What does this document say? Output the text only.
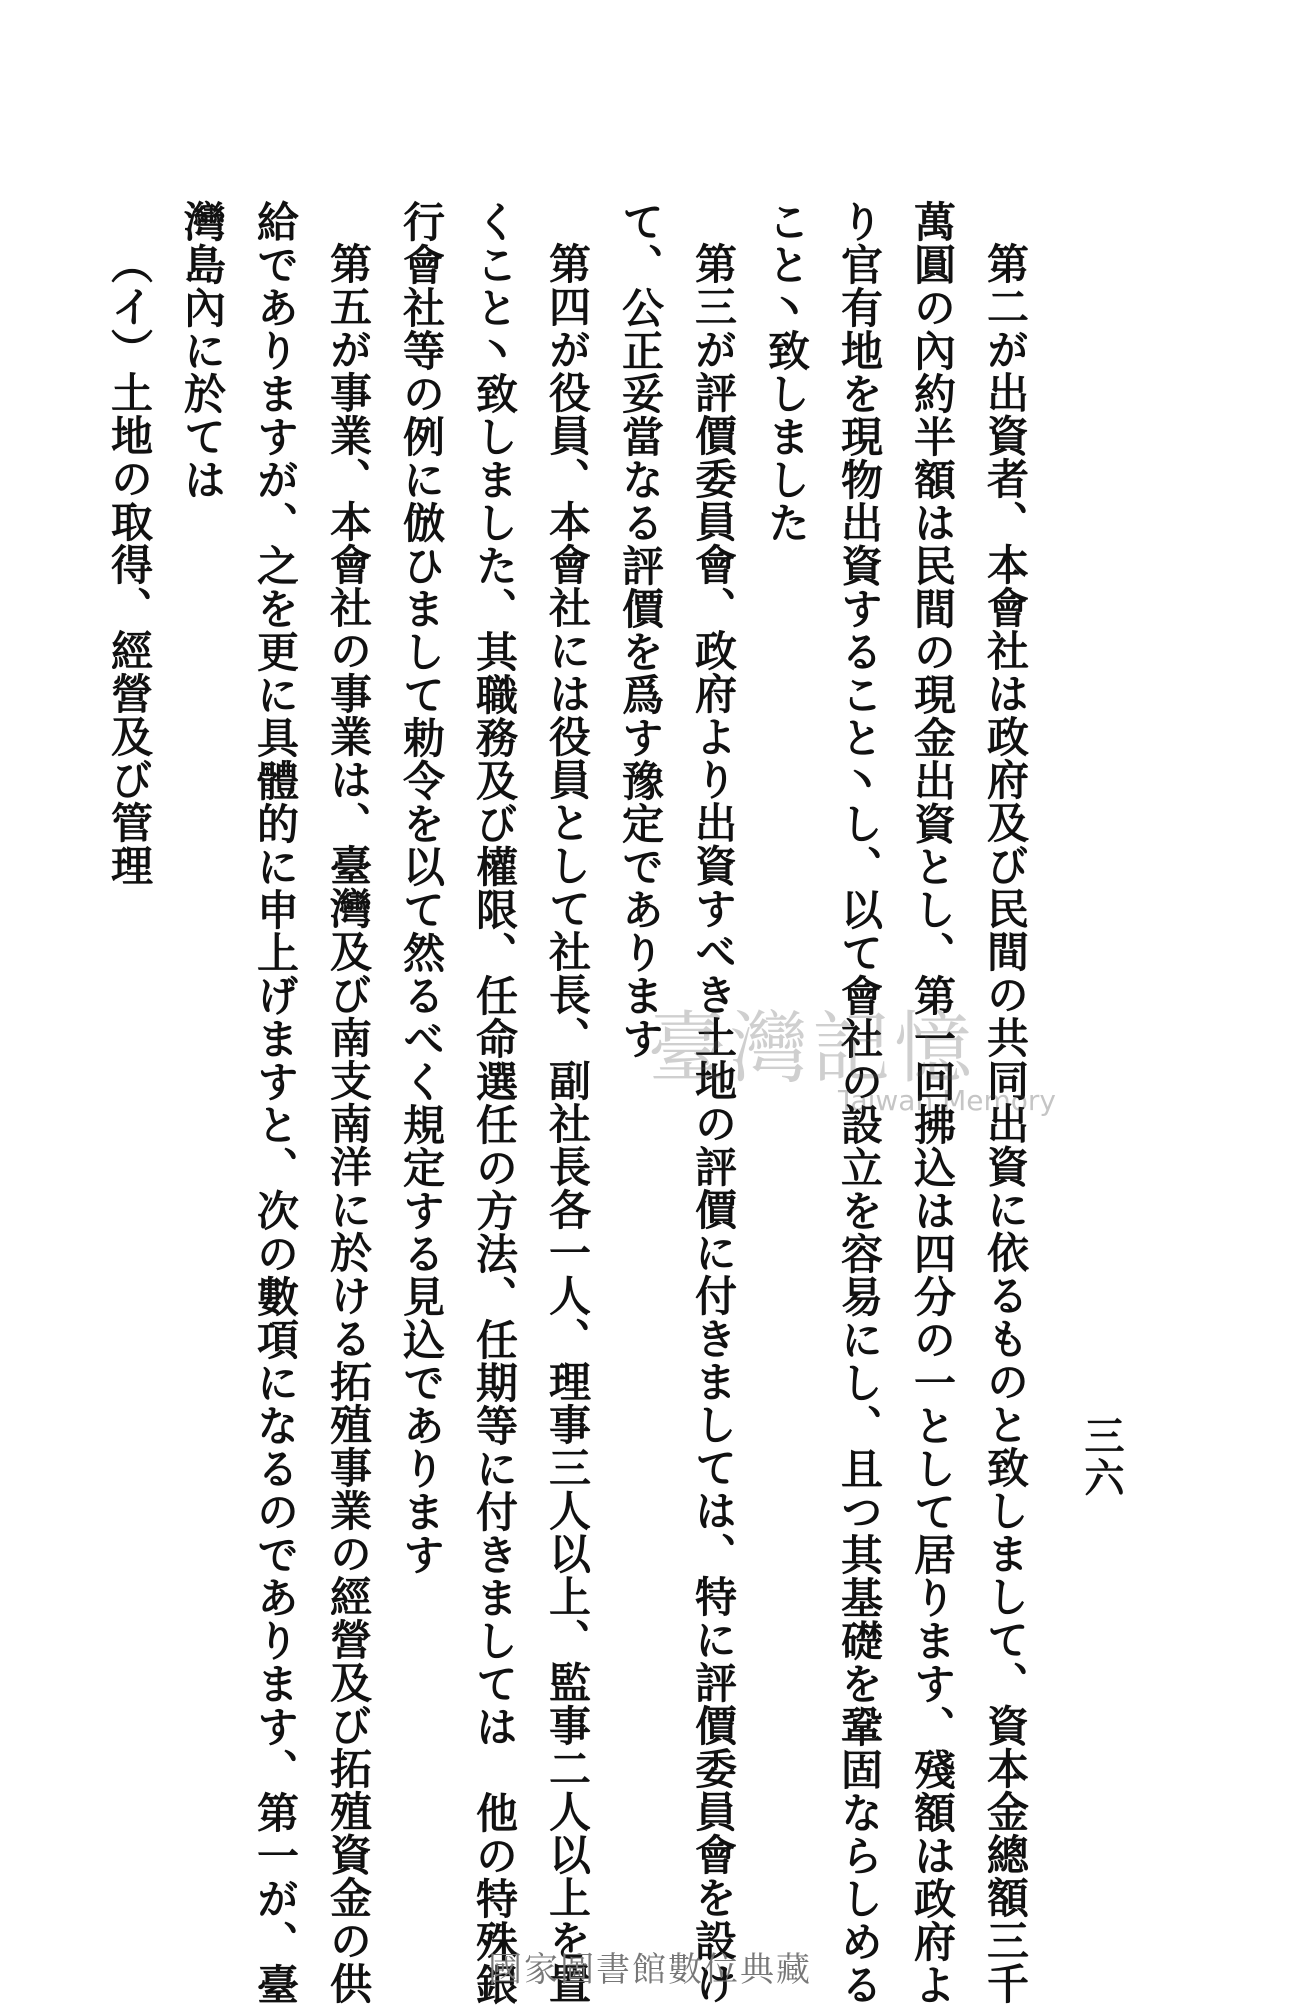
三六
第二が出資者、本會社は政府及び民間の共同出資に依るものと致しまして、資本金總額三千
萬圓の內約半額は民間の現金出資とし、第一回拂込は四分の一として居ります、殘額は政府よ
り官有地を現物出資すること丶し、以て會社の設立を容易にし、且つ其基礎を鞏固ならしめる
こと丶致しました
第三が評價委員會、政府より出資すべき土地の評價に付きましては、特に評價委員會を設け
て、公正妥當なる評價を爲す豫定であります
第四が役員、本會社には役員として社長、副社長各一人、理事三人以上、監事二人以上を置
くこと丶致しました、其職務及び權限、任命選任の方法、任期等に付きましては　他の特殊銀
行會社等の例に倣ひまして勅令を以て然るべく規定する見込であります
第五が事業、本會社の事業は、臺灣及び南支南洋に於ける拓殖事業の經營及び拓殖資金の供
給でありますが、之を更に具體的に申上げますと、次の數項になるのであります、第一が、臺
灣島內に於ては
（イ）土地の取得、經營及び管理
臺灣記憶
Taiwan Memory
國家圖書館數位典藏
